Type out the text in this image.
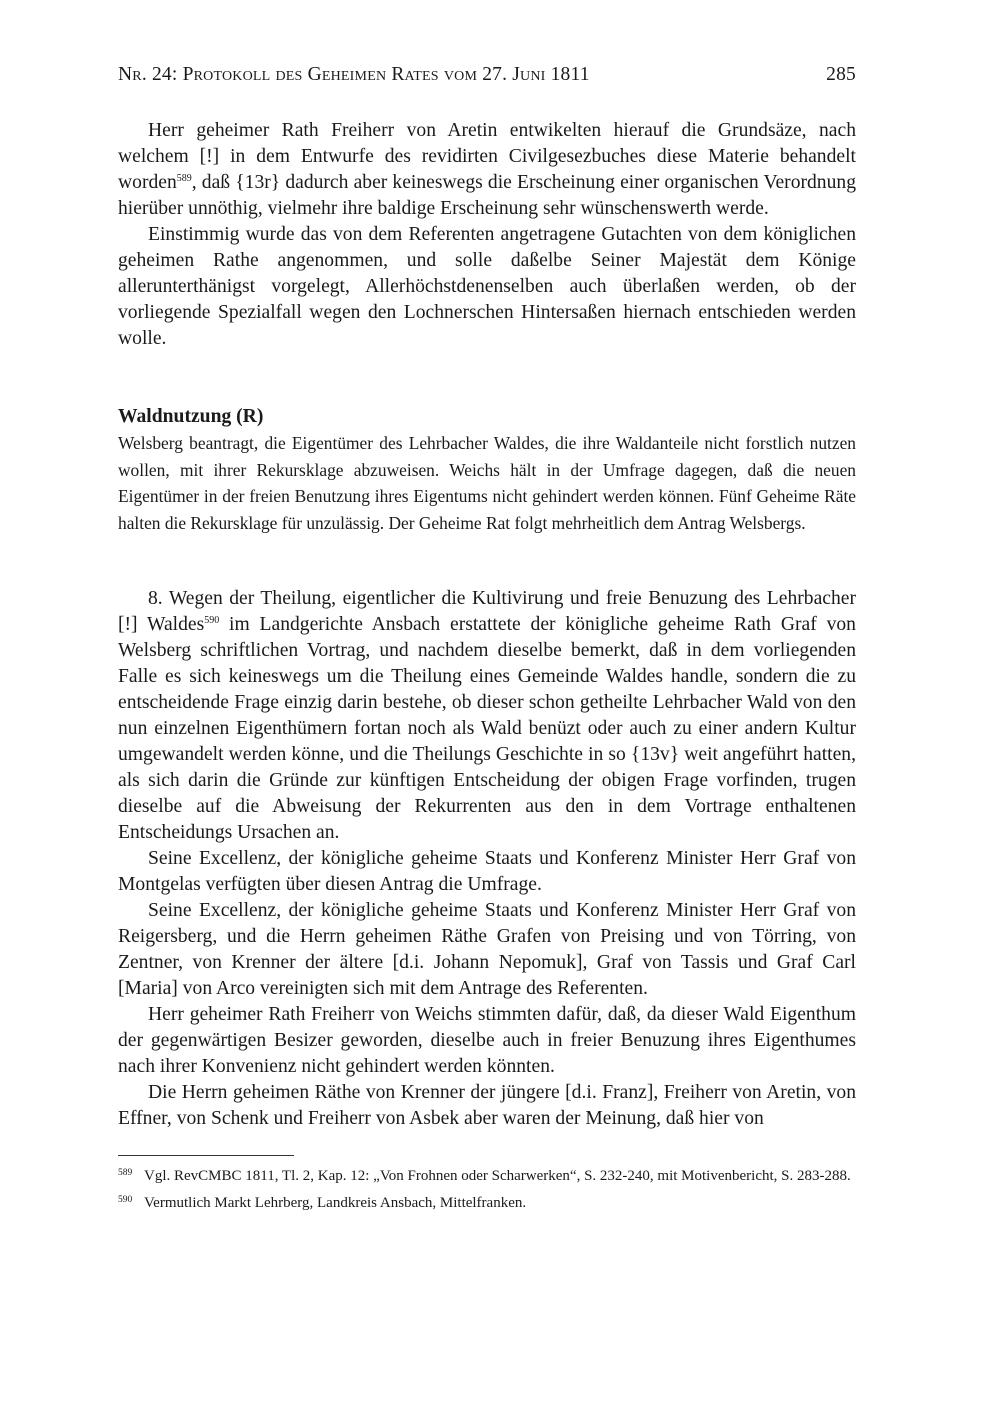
Nr. 24: Protokoll des Geheimen Rates vom 27. Juni 1811	285

Herr geheimer Rath Freiherr von Aretin entwikelten hierauf die Grundsäze, nach welchem [!] in dem Entwurfe des revidirten Civilgesezbuches diese Materie behandelt worden$^{589}$, daß {13r} dadurch aber keineswegs die Erscheinung einer organischen Verordnung hierüber unnöthig, vielmehr ihre baldige Erscheinung sehr wünschenswerth werde.

Einstimmig wurde das von dem Referenten angetragene Gutachten von dem königlichen geheimen Rathe angenommen, und solle daßelbe Seiner Majestät dem Könige allerunterthänigst vorgelegt, Allerhöchstdenenselben auch überlaßen werden, ob der vorliegende Spezialfall wegen den Lochnerschen Hintersaßen hiernach entschieden werden wolle.

Waldnutzung (R)

Welsberg beantragt, die Eigentümer des Lehrbacher Waldes, die ihre Waldanteile nicht forstlich nutzen wollen, mit ihrer Rekursklage abzuweisen. Weichs hält in der Umfrage dagegen, daß die neuen Eigentümer in der freien Benutzung ihres Eigentums nicht gehindert werden können. Fünf Geheime Räte halten die Rekursklage für unzulässig. Der Geheime Rat folgt mehrheitlich dem Antrag Welsbergs.

8. Wegen der Theilung, eigentlicher die Kultivirung und freie Benuzung des Lehrbacher [!] Waldes$^{590}$ im Landgerichte Ansbach erstattete der königliche geheime Rath Graf von Welsberg schriftlichen Vortrag, und nachdem dieselbe bemerkt, daß in dem vorliegenden Falle es sich keineswegs um die Theilung eines Gemeinde Waldes handle, sondern die zu entscheidende Frage einzig darin bestehe, ob dieser schon getheilte Lehrbacher Wald von den nun einzelnen Eigenthümern fortan noch als Wald benüzt oder auch zu einer andern Kultur umgewandelt werden könne, und die Theilungs Geschichte in so {13v} weit angeführt hatten, als sich darin die Gründe zur künftigen Entscheidung der obigen Frage vorfinden, trugen dieselbe auf die Abweisung der Rekurrenten aus den in dem Vortrage enthaltenen Entscheidungs Ursachen an.

Seine Excellenz, der königliche geheime Staats und Konferenz Minister Herr Graf von Montgelas verfügten über diesen Antrag die Umfrage.

Seine Excellenz, der königliche geheime Staats und Konferenz Minister Herr Graf von Reigersberg, und die Herrn geheimen Räthe Grafen von Preising und von Törring, von Zentner, von Krenner der ältere [d.i. Johann Nepomuk], Graf von Tassis und Graf Carl [Maria] von Arco vereinigten sich mit dem Antrage des Referenten.

Herr geheimer Rath Freiherr von Weichs stimmten dafür, daß, da dieser Wald Eigenthum der gegenwärtigen Besizer geworden, dieselbe auch in freier Benuzung ihres Eigenthumes nach ihrer Konvenienz nicht gehindert werden könnten.

Die Herrn geheimen Räthe von Krenner der jüngere [d.i. Franz], Freiherr von Aretin, von Effner, von Schenk und Freiherr von Asbek aber waren der Meinung, daß hier von

589 Vgl. RevCMBC 1811, Tl. 2, Kap. 12: „Von Frohnen oder Scharwerken“, S. 232-240, mit Motivenbericht, S. 283-288.

590 Vermutlich Markt Lehrberg, Landkreis Ansbach, Mittelfranken.
